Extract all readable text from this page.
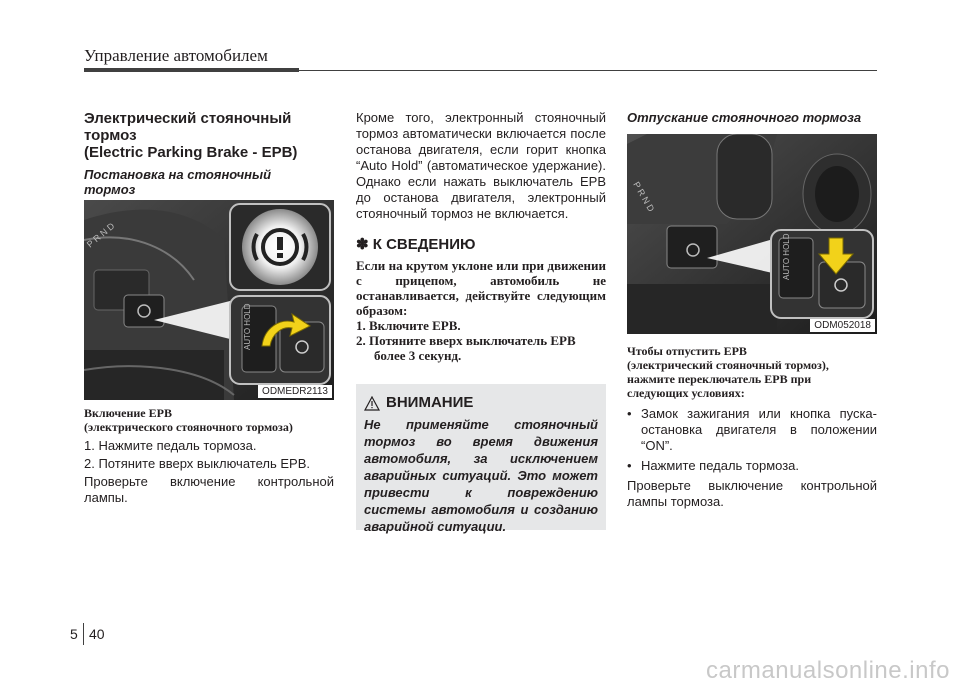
Управление автомобилем
Электрический стояночный
тормоз
(Electric Parking Brake - EPB)
Постановка на стояночный
тормоз
P R N D
AUTO HOLD
ODMEDR2113
Включение EPB
(электрического стояночного тормоза)
1. Нажмите педаль тормоза.
2. Потяните вверх выключатель EPB.
Проверьте включение контрольной лампы.
Кроме того, электронный стояночный тормоз автоматически включается после останова двигателя, если горит кнопка “Auto Hold” (автоматическое удержание). Однако если нажать выключатель EPB до останова двигателя, электронный стояночный тормоз не включается.
✽ К СВЕДЕНИЮ
Если на крутом уклоне или при движении с прицепом, автомобиль не останавливается, действуйте следующим образом:
1. Включите EPB.
2. Потяните вверх выключатель EPB
более 3 секунд.
ВНИМАНИЕ
Не применяйте стояночный тормоз во время движения автомобиля, за исключением аварийных ситуаций. Это может привести к повреждению системы автомобиля и созданию аварийной ситуации.
Отпускание стояночного тормоза
P R N D
AUTO HOLD
ODM052018
Чтобы отпустить EPB
(электрический стояночный тормоз),
нажмите переключатель EPB при
следующих условиях:
• Замок зажигания или кнопка пуска- остановка двигателя в положении “ON”.
• Нажмите педаль тормоза.
Проверьте выключение контрольной лампы тормоза.
5 40
carmanualsonline.info
